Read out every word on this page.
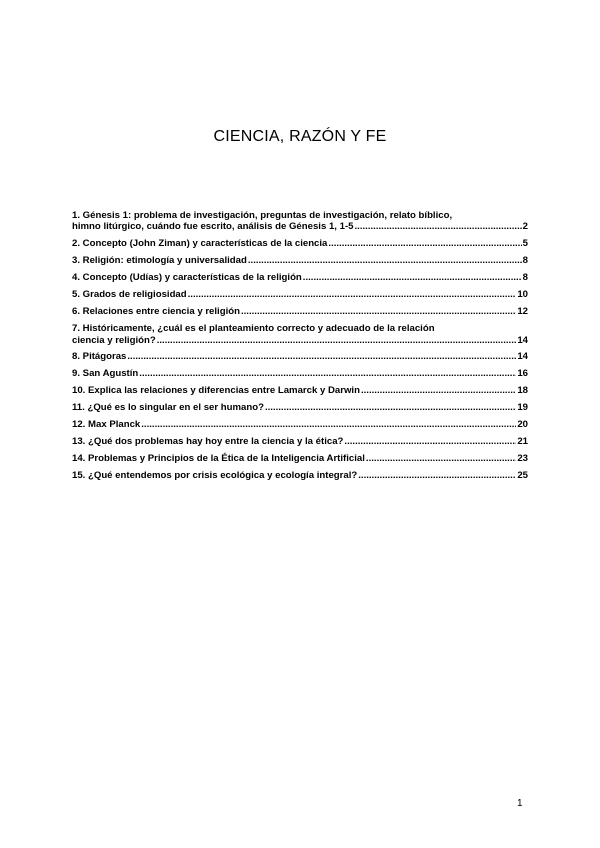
CIENCIA, RAZÓN Y FE
1. Génesis 1: problema de investigación, preguntas de investigación, relato bíblico,
himno litúrgico, cuándo fue escrito, análisis de Génesis 1, 1-5 .....	2
2. Concepto (John Ziman) y características de la ciencia .....	5
3. Religión: etimología y universalidad .....	8
4. Concepto (Udías) y características de la religión .....	8
5. Grados de religiosidad .....	10
6. Relaciones entre ciencia y religión .....	12
7. Históricamente, ¿cuál es el planteamiento correcto y adecuado de la relación
ciencia y religión? .....	14
8. Pitágoras .....	14
9. San Agustín .....	16
10. Explica las relaciones y diferencias entre Lamarck y Darwin .....	18
11. ¿Qué es lo singular en el ser humano? .....	19
12. Max Planck .....	20
13. ¿Qué dos problemas hay hoy entre la ciencia y la ética? .....	21
14. Problemas y Principios de la Ética de la Inteligencia Artificial .....	23
15. ¿Qué entendemos por crisis ecológica y ecología integral? .....	25
1
